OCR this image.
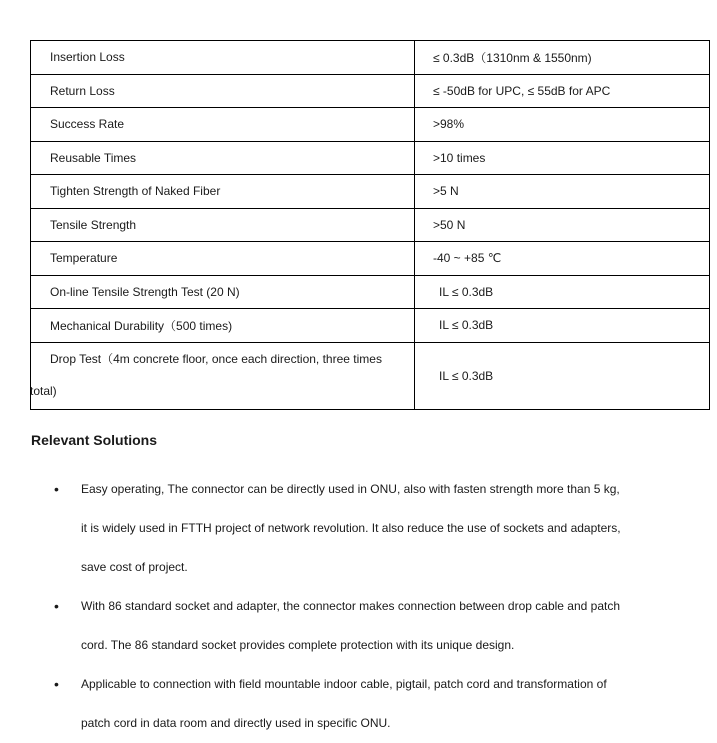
Insertion Loss	≤ 0.3dB（1310nm & 1550nm)
Return Loss	≤ -50dB for UPC, ≤ 55dB for APC
Success Rate	>98%
Reusable Times	>10 times
Tighten Strength of Naked Fiber	>5 N
Tensile Strength	>50 N
Temperature	-40 ~ +85 ℃
On-line Tensile Strength Test (20 N)	IL ≤ 0.3dB
Mechanical Durability（500 times)	IL ≤ 0.3dB

Drop Test（4m concrete floor, once each direction, three times
total)	IL ≤ 0.3dB
Relevant Solutions
• Easy operating, The connector can be directly used in ONU, also with fasten strength more than 5 kg, it is widely used in FTTH project of network revolution. It also reduce the use of sockets and adapters, save cost of project.
• With 86 standard socket and adapter, the connector makes connection between drop cable and patch cord. The 86 standard socket provides complete protection with its unique design.
• Applicable to connection with field mountable indoor cable, pigtail, patch cord and transformation of patch cord in data room and directly used in specific ONU.
